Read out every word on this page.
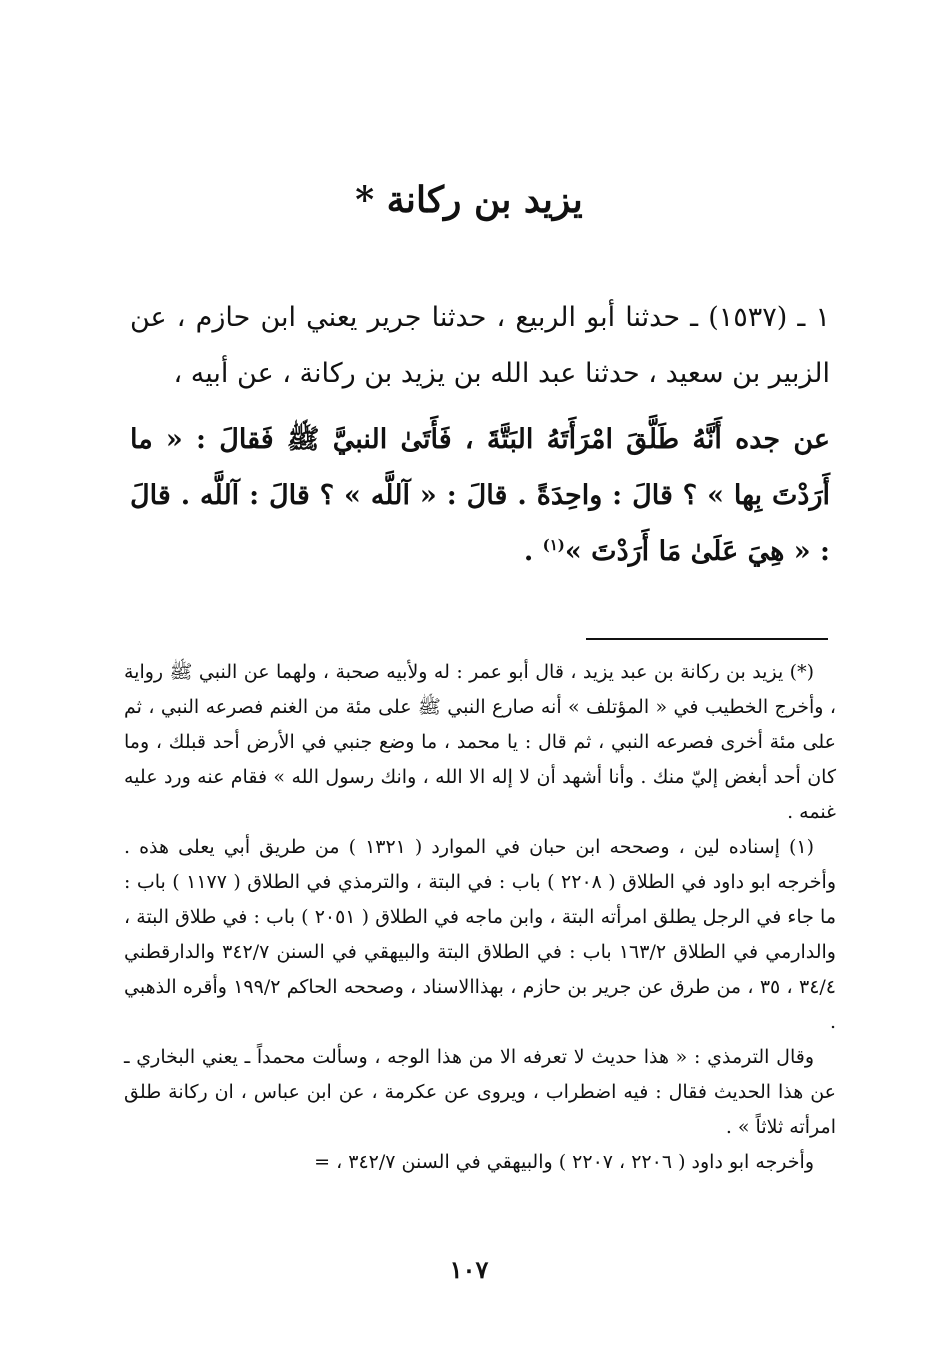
يزيد بن ركانة *

١ ـ (١٥٣٧) ـ حدثنا أبو الربيع ، حدثنا جرير يعني ابن حازم ، عن الزبير بن سعيد ، حدثنا عبد الله بن يزيد بن ركانة ، عن أبيه ،

عن جده أَنَّهُ طَلَّقَ امْرَأَتَهُ البَتَّةَ ، فَأَتَىٰ النبيَّ ﷺ فَقالَ : « ما أَرَدْتَ بِها » ؟ قالَ : واحِدَةً . قالَ : « آللَّه » ؟ قالَ : آللَّه . قالَ : « هِيَ عَلَىٰ مَا أَرَدْتَ »$^{(١)}$ .

(*) يزيد بن ركانة بن عبد يزيد ، قال أبو عمر : له ولأبيه صحبة ، ولهما عن النبي ﷺ رواية ، وأخرج الخطيب في « المؤتلف » أنه صارع النبي ﷺ على مئة من الغنم فصرعه النبي ، ثم على مئة أخرى فصرعه النبي ، ثم قال : يا محمد ، ما وضع جنبي في الأرض أحد قبلك ، وما كان أحد أبغض إليّ منك . وأنا أشهد أن لا إله الا الله ، وانك رسول الله » فقام عنه ورد عليه غنمه .

(١) إسناده لين ، وصححه ابن حبان في الموارد ( ١٣٢١ ) من طريق أبي يعلى هذه . وأخرجه ابو داود في الطلاق ( ٢٢٠٨ ) باب : في البتة ، والترمذي في الطلاق ( ١١٧٧ ) باب : ما جاء في الرجل يطلق امرأته البتة ، وابن ماجه في الطلاق ( ٢٠٥١ ) باب : في طلاق البتة ، والدارمي في الطلاق ١٦٣/٢ باب : في الطلاق البتة والبيهقي في السنن ٣٤٢/٧ والدارقطني ٣٤/٤ ، ٣٥ ، من طرق عن جرير بن حازم ، بهذاالاسناد ، وصححه الحاكم ١٩٩/٢ وأقره الذهبي .

وقال الترمذي : « هذا حديث لا تعرفه الا من هذا الوجه ، وسألت محمداً ـ يعني البخاري ـ عن هذا الحديث فقال : فيه اضطراب ، ويروى عن عكرمة ، عن ابن عباس ، ان ركانة طلق امرأته ثلاثاً » .

وأخرجه ابو داود ( ٢٢٠٦ ، ٢٢٠٧ ) والبيهقي في السنن ٣٤٢/٧ ، =

١٠٧
